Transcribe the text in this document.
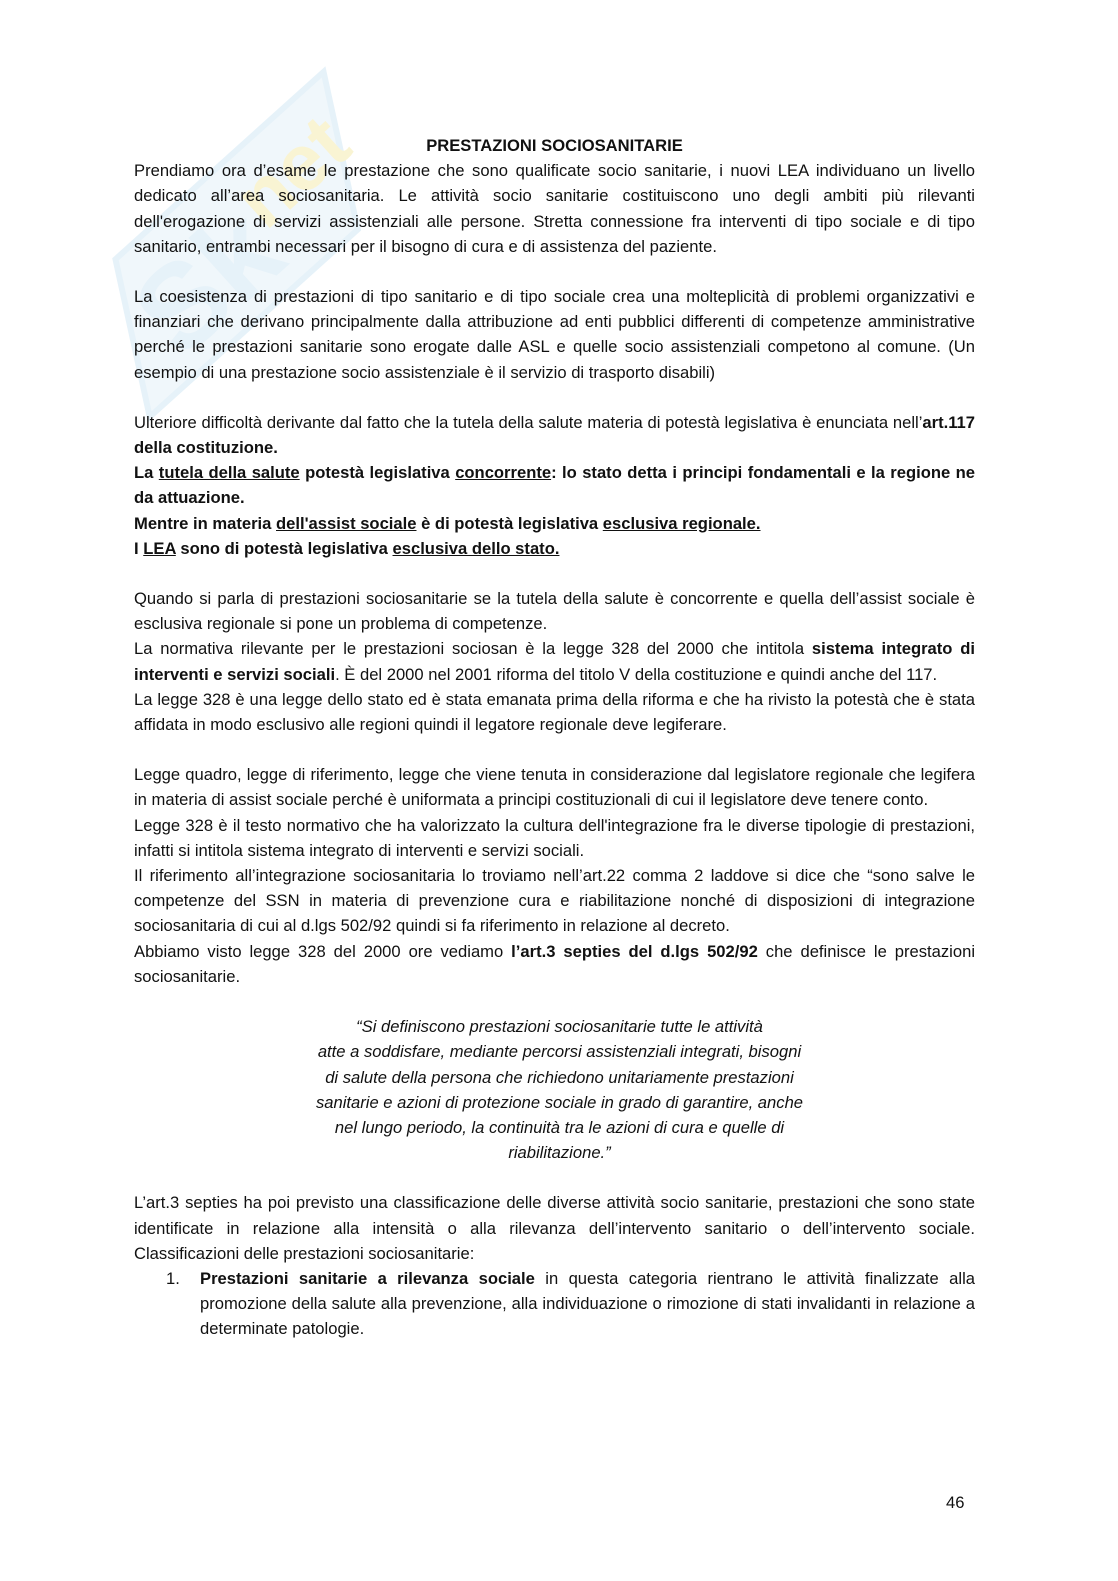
Sk
net	PRESTAZIONI SOCIOSANITARIE

Prendiamo ora d’esame le prestazione che sono qualificate socio sanitarie, i nuovi LEA individuano un livello dedicato all’area sociosanitaria. Le attività socio sanitarie costituiscono uno degli ambiti più rilevanti dell'erogazione di servizi assistenziali alle persone. Stretta connessione fra interventi di tipo sociale e di tipo sanitario, entrambi necessari per il bisogno di cura e di assistenza del paziente.

La coesistenza di prestazioni di tipo sanitario e di tipo sociale crea una molteplicità di problemi organizzativi e finanziari che derivano principalmente dalla attribuzione ad enti pubblici differenti di competenze amministrative perché le prestazioni sanitarie sono erogate dalle ASL e quelle socio assistenziali competono al comune. (Un esempio di una prestazione socio assistenziale è il servizio di trasporto disabili)

Ulteriore difficoltà derivante dal fatto che la tutela della salute materia di potestà legislativa è enunciata nell’art.117 della costituzione.

La tutela della salute potestà legislativa concorrente: lo stato detta i principi fondamentali e la regione ne da attuazione.

Mentre in materia dell'assist sociale è di potestà legislativa esclusiva regionale.

I LEA sono di potestà legislativa esclusiva dello stato.

Quando si parla di prestazioni sociosanitarie se la tutela della salute è concorrente e quella dell’assist sociale è esclusiva regionale si pone un problema di competenze.

La normativa rilevante per le prestazioni sociosan è la legge 328 del 2000 che intitola sistema integrato di interventi e servizi sociali. È del 2000 nel 2001 riforma del titolo V della costituzione e quindi anche del 117.

La legge 328 è una legge dello stato ed è stata emanata prima della riforma e che ha rivisto la potestà che è stata affidata in modo esclusivo alle regioni quindi il legatore regionale deve legiferare.

Legge quadro, legge di riferimento, legge che viene tenuta in considerazione dal legislatore regionale che legifera in materia di assist sociale perché è uniformata a principi costituzionali di cui il legislatore deve tenere conto.

Legge 328 è il testo normativo che ha valorizzato la cultura dell'integrazione fra le diverse tipologie di prestazioni, infatti si intitola sistema integrato di interventi e servizi sociali.

Il riferimento all’integrazione sociosanitaria lo troviamo nell’art.22 comma 2 laddove si dice che “sono salve le competenze del SSN in materia di prevenzione cura e riabilitazione nonché di disposizioni di integrazione sociosanitaria di cui al d.lgs 502/92 quindi si fa riferimento in relazione al decreto.

Abbiamo visto legge 328 del 2000 ore vediamo l’art.3 septies del d.lgs 502/92 che definisce le prestazioni sociosanitarie.

“Si definiscono prestazioni sociosanitarie tutte le attività
atte a soddisfare, mediante percorsi assistenziali integrati, bisogni
di salute della persona che richiedono unitariamente prestazioni
sanitarie e azioni di protezione sociale in grado di garantire, anche
nel lungo periodo, la continuità tra le azioni di cura e quelle di
riabilitazione.”

L’art.3 septies ha poi previsto una classificazione delle diverse attività socio sanitarie, prestazioni che sono state identificate in relazione alla intensità o alla rilevanza dell’intervento sanitario o dell’intervento sociale. Classificazioni delle prestazioni sociosanitarie:

1.	Prestazioni sanitarie a rilevanza sociale in questa categoria rientrano le attività finalizzate alla promozione della salute alla prevenzione, alla individuazione o rimozione di stati invalidanti in relazione a determinate patologie.
46
